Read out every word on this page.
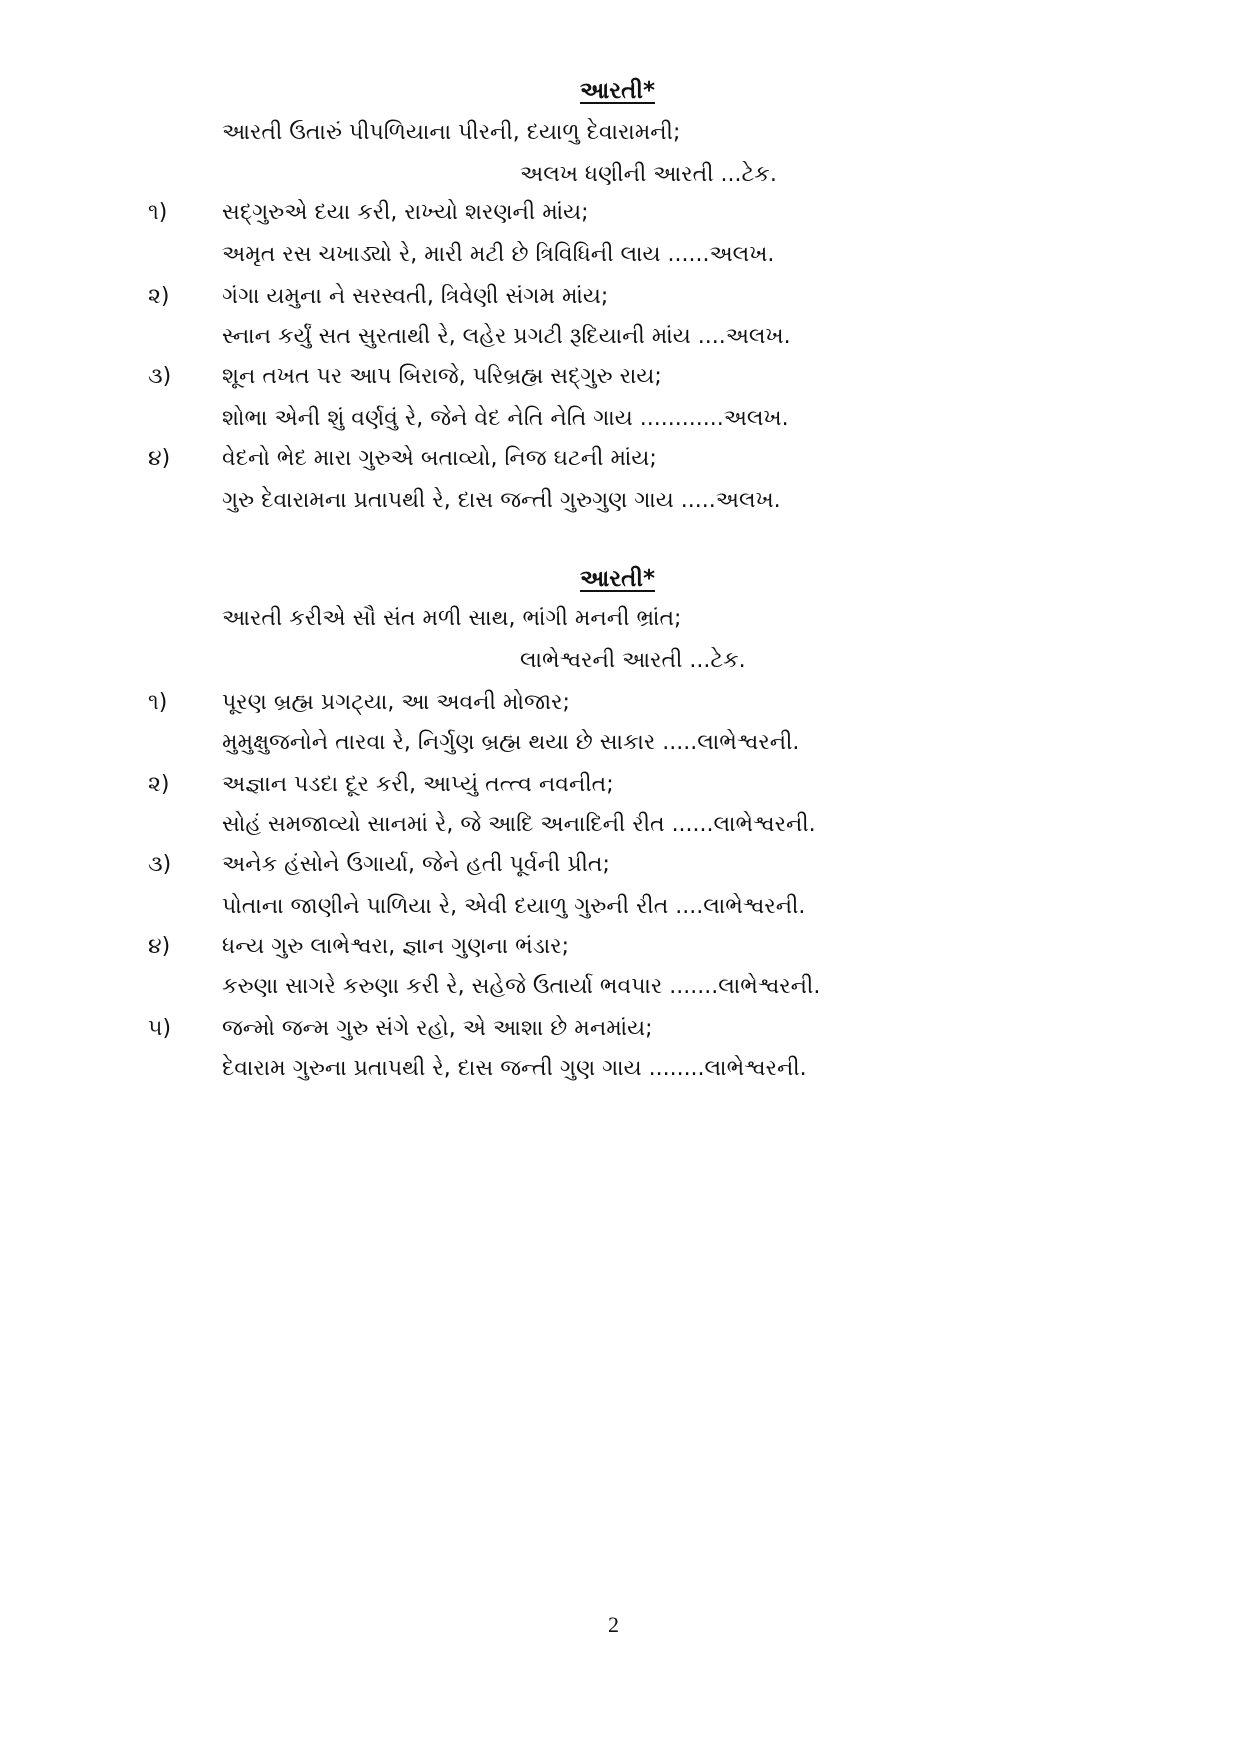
આરતી*
આરતી ઉતારું પીપળિયાના પીરની, દયાળુ દેવારામની;
અલખ ધણીની આરતી ...ટેક.
૧) સદ્‌ગુરુએ દયા કરી, રાખ્યો શરણની માંય;
અમૃત રસ ચખાડ્યો રે, મારી મટી છે ત્રિવિધિની લાય ......અલખ.
૨) ગંગા યમુના ને સરસ્વતી, ત્રિવેણી સંગમ માંય;
સ્નાન કર્યું સત સુરતાથી રે, લહેર પ્રગટી રૂદિયાની માંય ....અલખ.
૩) શૂન તખત પર આપ બિરાજે, પરિબ્રહ્મ સદ્‌ગુરુ રાય;
શોભા એની શું વર્ણવું રે, જેને વેદ નેતિ નેતિ ગાય ............અલખ.
૪) વેદનો ભેદ મારા ગુરુએ બતાવ્યો, નિજ ઘટની માંય;
ગુરુ દેવારામના પ્રતાપથી રે, દાસ જન્તી ગુરુગુણ ગાય .....અલખ.
આરતી*
આરતી કરીએ સૌ સંત મળી સાથ, ભાંગી મનની ભ્રાંત;
લાભેશ્વરની આરતી ...ટેક.
૧) પૂરણ બ્રહ્મ પ્રગટ્યા, આ અવની મોજાર;
મુમુક્ષુજનોને તારવા રે, નિર્ગુણ બ્રહ્મ થયા છે સાકાર .....લાભેશ્વરની.
૨) અજ્ઞાન પડદા દૂર કરી, આપ્યું તત્ત્વ નવનીત;
સોહં સમજાવ્યો સાનમાં રે, જે આદિ અનાદિની રીત ......લાભેશ્વરની.
૩) અનેક હંસોને ઉગાર્યા, જેને હતી પૂર્વની પ્રીત;
પોતાના જાણીને પાળિયા રે, એવી દયાળુ ગુરુની રીત ....લાભેશ્વરની.
૪) ધન્ય ગુરુ લાભેશ્વરા, જ્ઞાન ગુણના ભંડાર;
કરુણા સાગરે કરુણા કરી રે, સહેજે ઉતાર્યા ભવપાર .......લાભેશ્વરની.
૫) જન્મો જન્મ ગુરુ સંગે રહો, એ આશા છે મનમાંય;
દેવારામ ગુરુના પ્રતાપથી રે, દાસ જન્તી ગુણ ગાય ........લાભેશ્વરની.
2
